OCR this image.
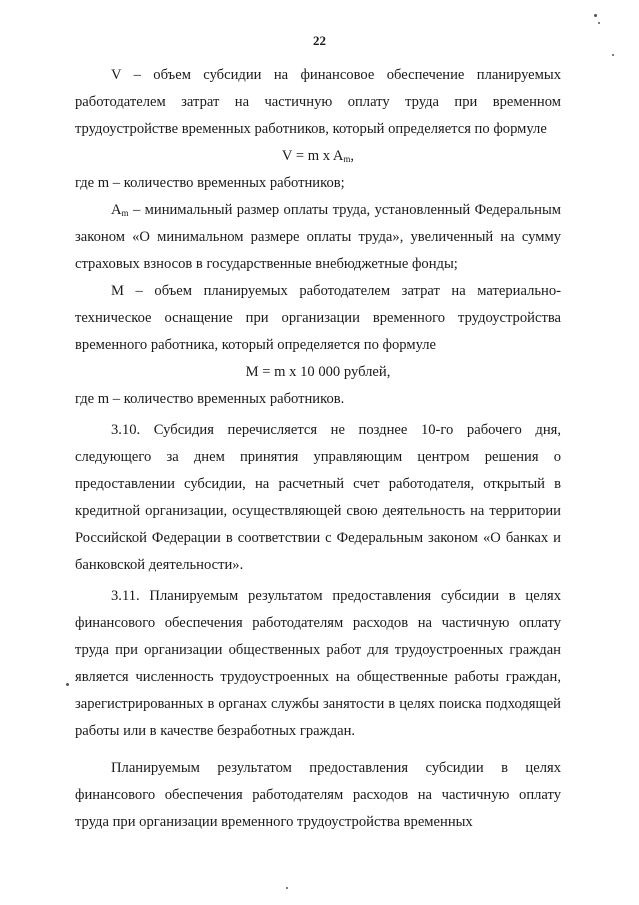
22

V – объем субсидии на финансовое обеспечение планируемых работодателем затрат на частичную оплату труда при временном трудоустройстве временных работников, который определяется по формуле

V = m x $A_m$,

где m – количество временных работников;

$A_m$ – минимальный размер оплаты труда, установленный Федеральным законом «О минимальном размере оплаты труда», увеличенный на сумму страховых взносов в государственные внебюджетные фонды;

M – объем планируемых работодателем затрат на материально-техническое оснащение при организации временного трудоустройства временного работника, который определяется по формуле

M = m x 10 000 рублей,

где m – количество временных работников.

3.10. Субсидия перечисляется не позднее 10-го рабочего дня, следующего за днем принятия управляющим центром решения о предоставлении субсидии, на расчетный счет работодателя, открытый в кредитной организации, осуществляющей свою деятельность на территории Российской Федерации в соответствии с Федеральным законом «О банках и банковской деятельности».

3.11. Планируемым результатом предоставления субсидии в целях финансового обеспечения работодателям расходов на частичную оплату труда при организации общественных работ для трудоустроенных граждан является численность трудоустроенных на общественные работы граждан, зарегистрированных в органах службы занятости в целях поиска подходящей работы или в качестве безработных граждан.

Планируемым результатом предоставления субсидии в целях финансового обеспечения работодателям расходов на частичную оплату труда при организации временного трудоустройства временных
